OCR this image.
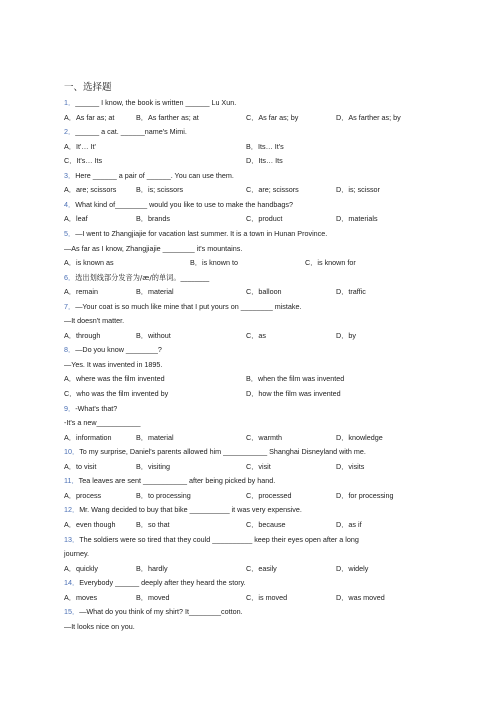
一、选择题
1．______ I know, the book is written ______ Lu Xun.
A．As far as; at	B．As farther as; at	C．As far as; by	D．As farther as; by
2．______ a cat. ______name's Mimi.
A．It'… It'	B．Its… It's
C．It's… Its	D．Its… Its
3．Here ______ a pair of ______. You can use them.
A．are; scissors	B．is; scissors	C．are; scissors	D．is; scissor
4．What kind of________ would you like to use to make the handbags?
A．leaf	B．brands	C．product	D．materials
5．—I went to Zhangjiajie for vacation last summer. It is a town in Hunan Province.
—As far as I know, Zhangjiajie ________ it's mountains.
A．is known as	B．is known to	C．is known for
6．选出划线部分发音为/æ/的单词。________
A．remain	B．material	C．balloon	D．traffic
7．—Your coat is so much like mine that I put yours on ________ mistake.
—It doesn't matter.
A．through	B．without	C．as	D．by
8．—Do you know ________?
—Yes. It was invented in 1895.
A．where was the film invented	B．when the film was invented
C．who was the film invented by	D．how the film was invented
9．-What's that?
-It's a new___________
A．information	B．material	C．warmth	D．knowledge
10．To my surprise, Daniel's parents allowed him ___________ Shanghai Disneyland with me.
A．to visit	B．visiting	C．visit	D．visits
11．Tea leaves are sent ___________ after being picked by hand.
A．process	B．to processing	C．processed	D．for processing
12．Mr. Wang decided to buy that bike __________ it was very expensive.
A．even though	B．so that	C．because	D．as if
13．The soldiers were so tired that they could __________ keep their eyes open after a long
journey.
A．quickly	B．hardly	C．easily	D．widely
14．Everybody ______ deeply after they heard the story.
A．moves	B．moved	C．is moved	D．was moved
15．—What do you think of my shirt? It________cotton.
—It looks nice on you.
